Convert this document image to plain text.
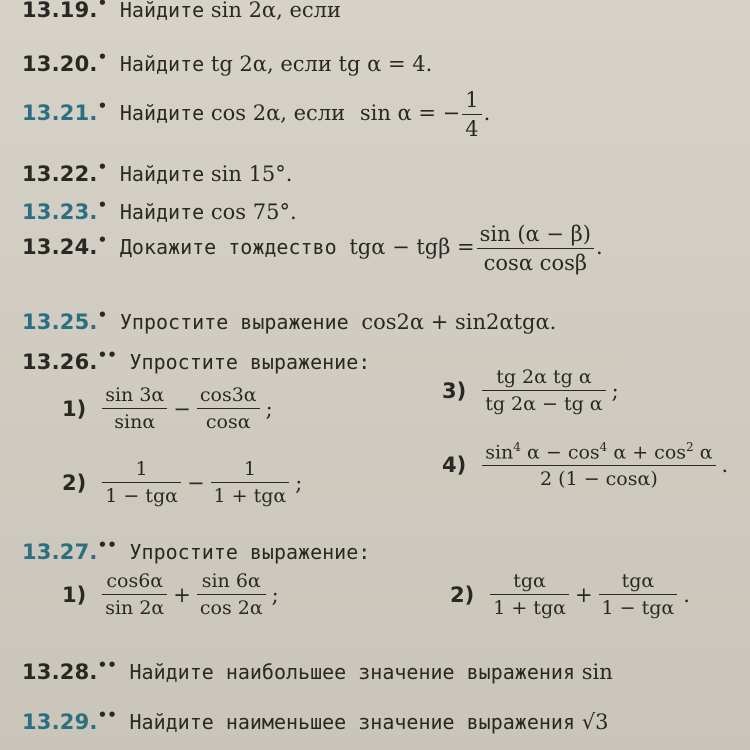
13.19.• Найдите sin 2α, если
13.20.• Найдите tg 2α, если tg α = 4.
13.21.• Найдите cos 2α, если sin α = − $\frac{1}{4}$ .
13.22.• Найдите sin 15°.
13.23.• Найдите cos 75°.
13.24.• Докажите тождество $tg\alpha - tg\beta = \frac{\sin (\alpha - \beta)}{\text{cosα cosβ}}$ .
13.25.• Упростите выражение cos2α + sin2αtgα.
13.26.•• Упростите выражение:
$1) \frac{\sin 3\alpha}{\sin\alpha} - \frac{\cos 3\alpha}{\cos\alpha}$ ;
$2) \frac{1}{\text{1 − tgα}} - \frac{1}{\text{1 + tgα}}$ ;
$3) \frac{\text{tg 2α tg α}}{\text{tg 2α − tg α}}$ ;
$4) \frac{\sin^4 \alpha - \cos^4 \alpha + \cos^2 \alpha}{2 (1 - \cos\alpha)}$ .
13.27.•• Упростите выражение:
$1) \frac{\cos 6\alpha}{\sin 2\alpha} + \frac{\sin 6\alpha}{\cos 2\alpha}$ ;	$2) \frac{\text{tgα}}{\text{1 + tgα}} + \frac{\text{tgα}}{\text{1 − tgα}}$ .
13.28.•• Найдите наибольшее значение выражения sin
13.29.•• Найдите наименьшее значение выражения √3
